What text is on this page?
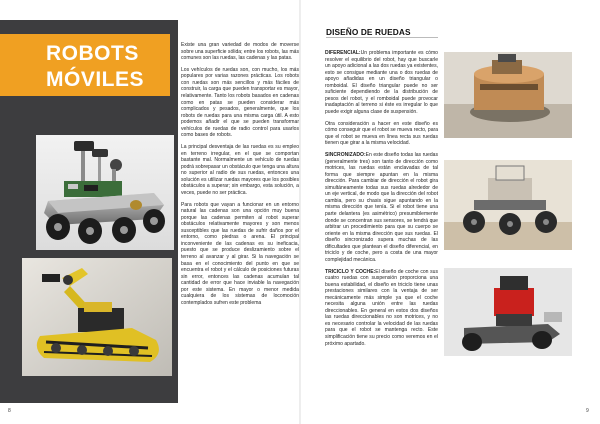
ROBOTS
MÓVILES

Existe una gran variedad de modos de moverse sobre una superficie sólida; entre los robots, las más comunes son las ruedas, las cadenas y las patas.

Los vehículos de ruedas son, con mucho, los más populares por varias razones prácticas. Los robots con ruedas son más sencillos y más fáciles de construir, la carga que pueden transportar es mayor, relativamente. Tanto los robots basados en cadenas como en patas se pueden considerar más complicados y pesados, generalmente, que los robots de ruedas para una misma carga útil. A esto podemos añadir el que se pueden transformar vehículos de ruedas de radio control para usarlos como bases de robots.

La principal desventaja de las ruedas es su empleo en terreno irregular, en el que se comportan bastante mal. Normalmente un vehículo de ruedas podrá sobrepasar un obstáculo que tenga una altura no superior al radio de sus ruedas, entonces una solución es utilizar ruedas mayores que los posibles obstáculos a superar; sin embargo, esta solución, a veces, puede no ser práctica.

Para robots que vayan a funcionar en un entorno natural las cadenas son una opción muy buena porque las cadenas permiten al robot superar obstáculos relativamente mayores y son menos susceptibles que las ruedas de sufrir daños por el entorno, como piedras o arena. El principal inconveniente de las cadenas es su ineficacia, puesto que se produce deslizamiento sobre el terreno al avanzar y al girar. Si la navegación se basa en el conocimiento del punto en que se encuentra el robot y el cálculo de posiciones futuras sin error, entonces las cadenas acumulan tal cantidad de error que hace inviable la navegación por este sistema. En mayor o menor medida cualquiera de los sistemas de locomoción contemplados sufren este problema

8
DISEÑO DE RUEDAS

DIFERENCIAL:Un problema importante es cómo resolver el equilibrio del robot, hay que buscarle un apoyo adicional a las dos ruedas ya existentes, esto se consigue mediante una o dos ruedas de apoyo añadidas en un diseño triangular o romboidal. El diseño triangular puede no ser suficiente dependiendo de la distribución de pesos del robot, y el romboidal puede provocar inadaptación al terreno si éste es irregular lo que puede exigir alguna clase de suspensión.

Otra consideración a hacer en este diseño es cómo conseguir que el robot se mueva recto, para que el robot se mueva en línea recta sus ruedas tienen que girar a la misma velocidad.

SINCRONIZADO:En este diseño todas las ruedas (generalmente tres) son tanto de dirección como motrices, las ruedas están enclavadas de tal forma que siempre apuntan en la misma dirección. Para cambiar de dirección el robot gira simultáneamente todas sus ruedas alrededor de un eje vertical, de modo que la dirección del robot cambia, pero su chasis sigue apuntando en la misma dirección que tenía. Si el robot tiene una parte delantera (es asimétrico) presumiblemente donde se concentran sus sensores, se tendrá que arbitrar un procedimiento para que su cuerpo se oriente en la misma dirección que sus ruedas. El diseño sincronizado supera muchas de las dificultades que plantean el diseño diferencial, en triciclo y de coche, pero a costa de una mayor complejidad mecánica.

TRICICLO Y COCHE:El diseño de coche con sus cuatro ruedas con suspensión proporciona una buena estabilidad, el diseño en triciclo tiene unas prestaciones similares con la ventaja de ser mecánicamente más simple ya que el coche necesita alguna unión entre las ruedas direccionables. En general en estos dos diseños las ruedas direccionables no son motrices, y no es necesario controlar la velocidad de las ruedas para que el robot se mantenga recto. Este simplificación tiene su precio como veremos en el próximo apartado.

9
